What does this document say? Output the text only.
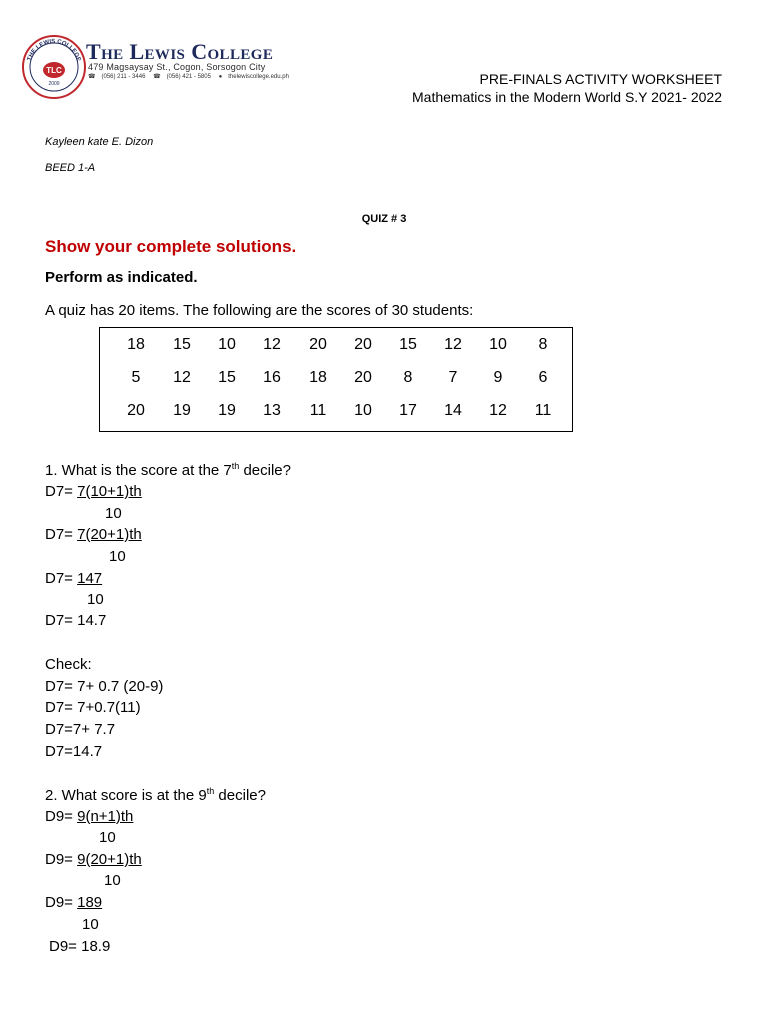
THE LEWIS COLLEGE
TLC
2009
The Lewis College
479 Magsaysay St., Cogon, Sorsogon City
☎ (056) 211 - 3446 ☎ (056) 421 - 5805 ● thelewiscollege.edu.ph	PRE-FINALS ACTIVITY WORKSHEET
Mathematics in the Modern World S.Y 2021- 2022
Kayleen kate E. Dizon
BEED 1-A
QUIZ # 3
Show your complete solutions.
Perform as indicated.
A quiz has 20 items. The following are the scores of 30 students:
18	15	10	12	20	20	15	12	10	8
5	12	15	16	18	20	8	7	9	6
20	19	19	13	11	10	17	14	12	11
1. What is the score at the 7th decile?
D7= 7(10+1)th
10
D7= 7(20+1)th
10
D7= 147
10
D7= 14.7
Check:
D7= 7+ 0.7 (20-9)
D7= 7+0.7(11)
D7=7+ 7.7
D7=14.7
2. What score is at the 9th decile?
D9= 9(n+1)th
10
D9= 9(20+1)th
10
D9= 189
10
D9= 18.9
